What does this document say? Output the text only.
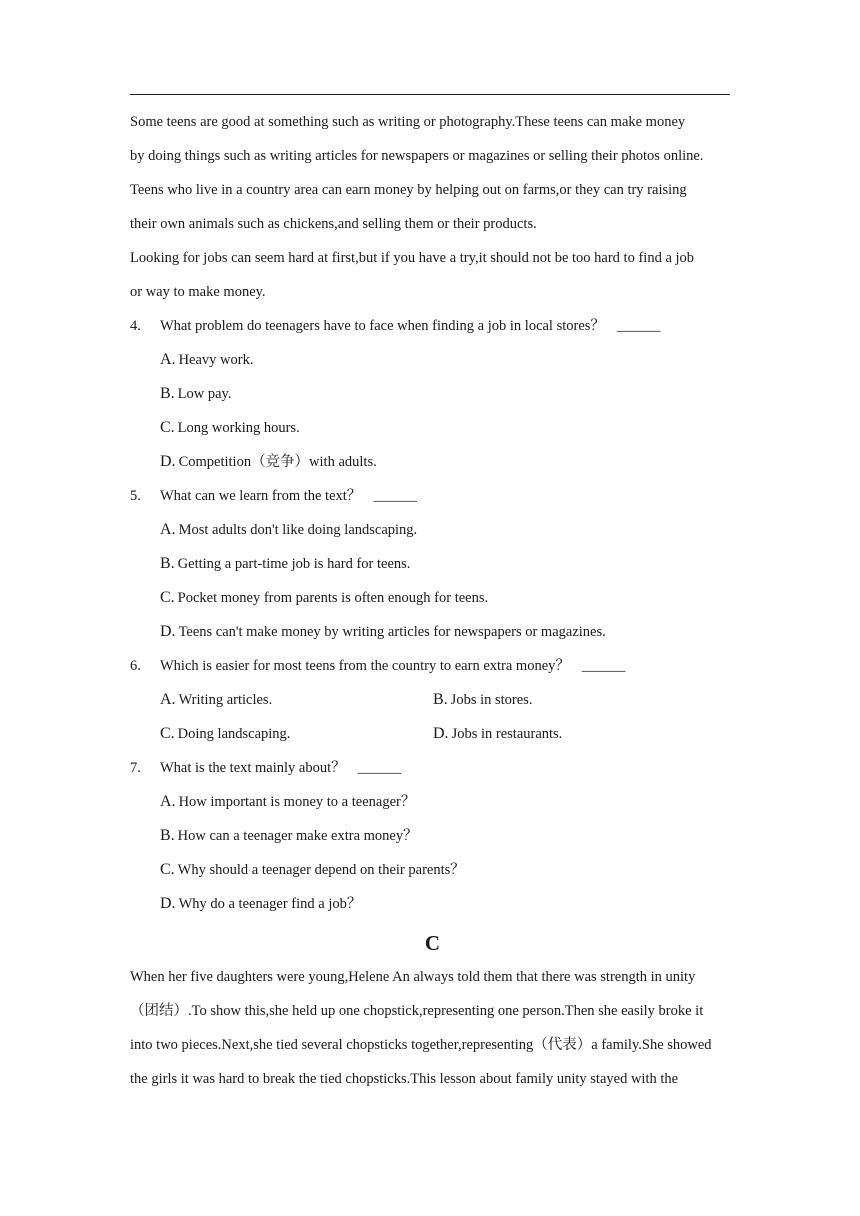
Some teens are good at something such as writing or photography.These teens can make money
by doing things such as writing articles for newspapers or magazines or selling their photos online.
Teens who live in a country area can earn money by helping out on farms,or they can try raising
their own animals such as chickens,and selling them or their products.
Looking for jobs can seem hard at first,but if you have a try,it should not be too hard to find a job
or way to make money.
4. What problem do teenagers have to face when finding a job in local stores？ ______
A. Heavy work.
B. Low pay.
C. Long working hours.
D. Competition（竞争）with adults.
5. What can we learn from the text？ ______
A. Most adults don't like doing landscaping.
B. Getting a part-time job is hard for teens.
C. Pocket money from parents is often enough for teens.
D. Teens can't make money by writing articles for newspapers or magazines.
6. Which is easier for most teens from the country to earn extra money？ ______
A. Writing articles.	B. Jobs in stores.
C. Doing landscaping.	D. Jobs in restaurants.
7. What is the text mainly about？ ______
A. How important is money to a teenager？
B. How can a teenager make extra money？
C. Why should a teenager depend on their parents？
D. Why do a teenager find a job？
C
When her five daughters were young,Helene An always told them that there was strength in unity
（团结）.To show this,she held up one chopstick,representing one person.Then she easily broke it
into two pieces.Next,she tied several chopsticks together,representing（代表）a family.She showed
the girls it was hard to break the tied chopsticks.This lesson about family unity stayed with the
